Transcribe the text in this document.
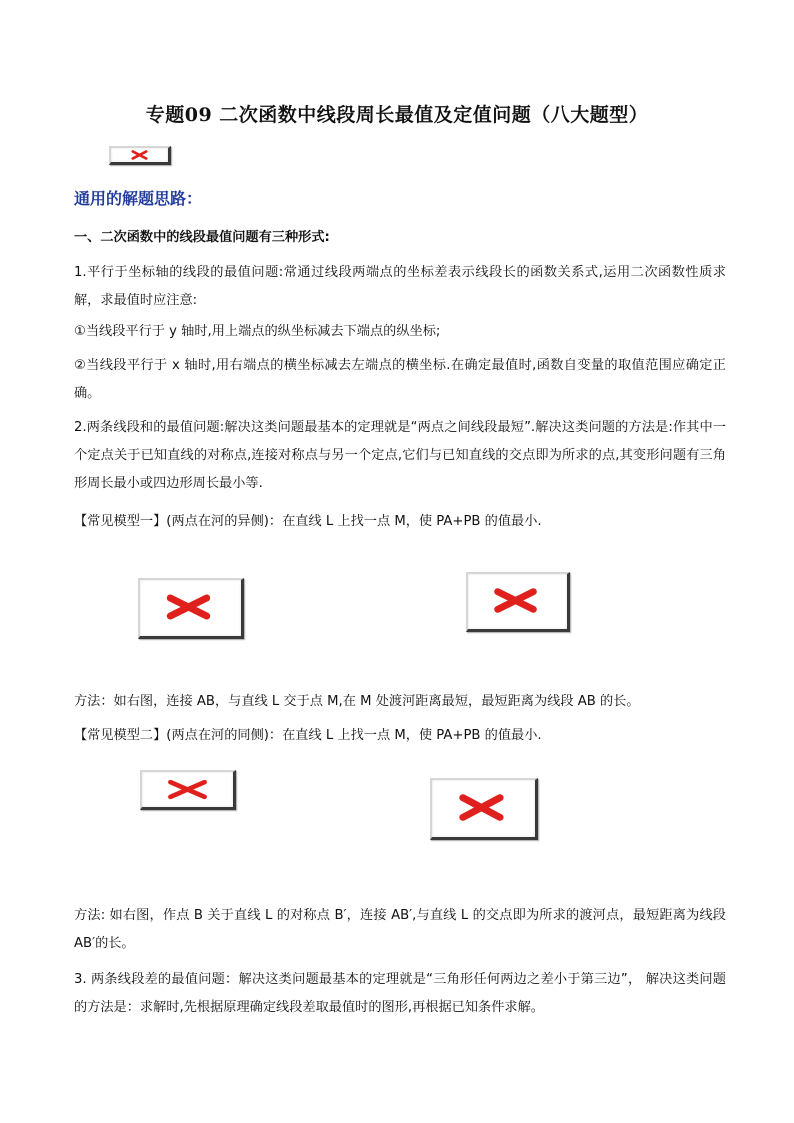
专题09 二次函数中线段周长最值及定值问题（八大题型）
通用的解题思路：
一、二次函数中的线段最值问题有三种形式:
1.平行于坐标轴的线段的最值问题:常通过线段两端点的坐标差表示线段长的函数关系式,运用二次函数性质求解，求最值时应注意:
①当线段平行于 y 轴时,用上端点的纵坐标减去下端点的纵坐标;
②当线段平行于 x 轴时,用右端点的横坐标减去左端点的横坐标.在确定最值时,函数自变量的取值范围应确定正确。
2.两条线段和的最值问题:解决这类问题最基本的定理就是“两点之间线段最短”.解决这类问题的方法是:作其中一个定点关于已知直线的对称点,连接对称点与另一个定点,它们与已知直线的交点即为所求的点,其变形问题有三角形周长最小或四边形周长最小等.
【常见模型一】(两点在河的异侧)：在直线 L 上找一点 M，使 PA+PB 的值最小.
方法：如右图，连接 AB，与直线 L 交于点 M,在 M 处渡河距离最短，最短距离为线段 AB 的长。
【常见模型二】(两点在河的同侧)：在直线 L 上找一点 M，使 PA+PB 的值最小.
方法: 如右图，作点 B 关于直线 L 的对称点 B′，连接 AB′,与直线 L 的交点即为所求的渡河点，最短距离为线段 AB′的长。
3. 两条线段差的最值问题：解决这类问题最基本的定理就是“三角形任何两边之差小于第三边”， 解决这类问题的方法是：求解时,先根据原理确定线段差取最值时的图形,再根据已知条件求解。
